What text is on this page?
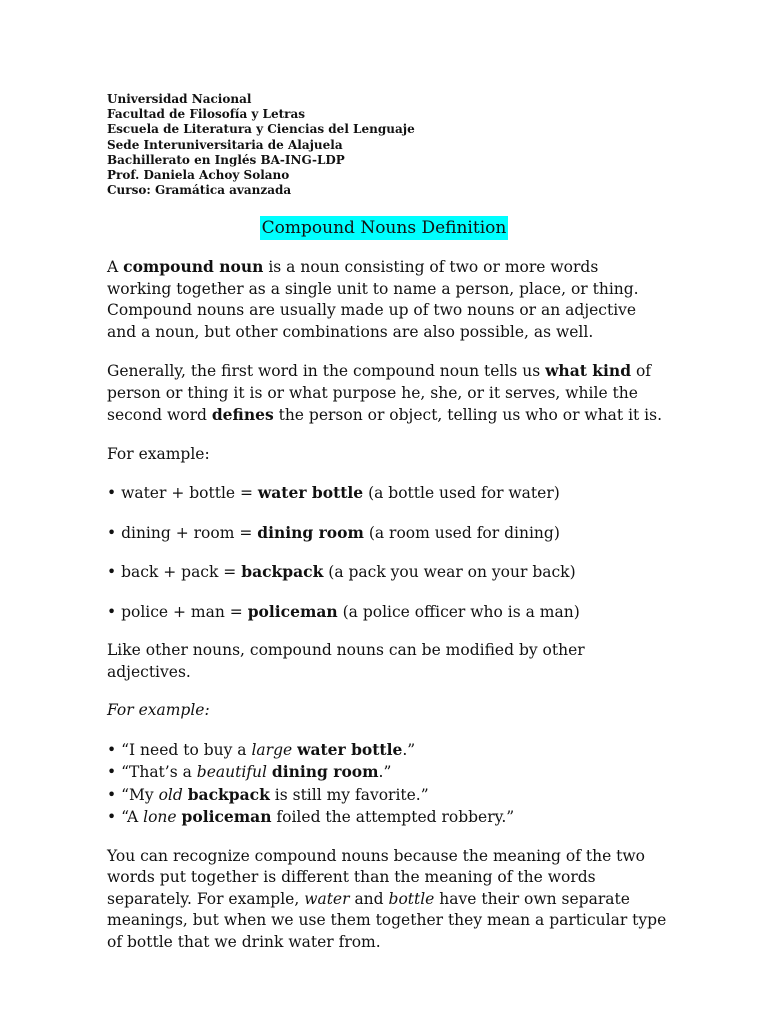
Universidad Nacional
Facultad de Filosofía y Letras
Escuela de Literatura y Ciencias del Lenguaje
Sede Interuniversitaria de Alajuela
Bachillerato en Inglés BA-ING-LDP
Prof. Daniela Achoy Solano
Curso: Gramática avanzada
Compound Nouns Definition

A compound noun is a noun consisting of two or more words working together as a single unit to name a person, place, or thing. Compound nouns are usually made up of two nouns or an adjective and a noun, but other combinations are also possible, as well.

Generally, the first word in the compound noun tells us what kind of person or thing it is or what purpose he, she, or it serves, while the second word defines the person or object, telling us who or what it is.

For example:

• water + bottle = water bottle (a bottle used for water)

• dining + room = dining room (a room used for dining)

• back + pack = backpack (a pack you wear on your back)

• police + man = policeman (a police officer who is a man)

Like other nouns, compound nouns can be modified by other adjectives.

For example:

• “I need to buy a large water bottle.”

• “That’s a beautiful dining room.”

• “My old backpack is still my favorite.”

• “A lone policeman foiled the attempted robbery.”

You can recognize compound nouns because the meaning of the two words put together is different than the meaning of the words separately. For example, water and bottle have their own separate meanings, but when we use them together they mean a particular type of bottle that we drink water from.
